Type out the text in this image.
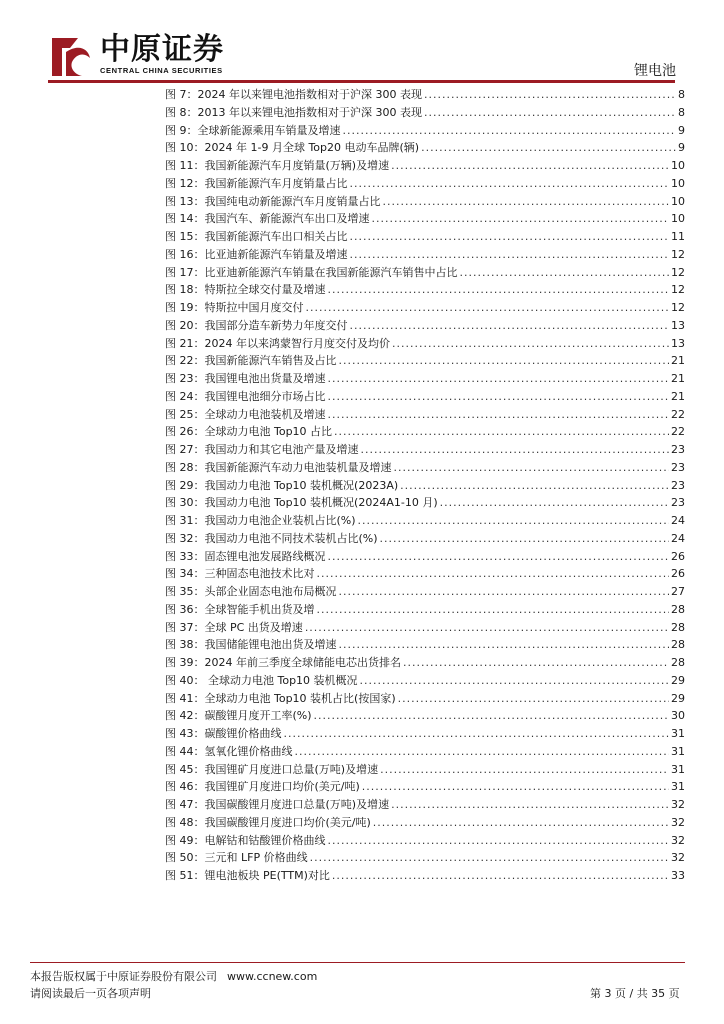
中原证券
CENTRAL CHINA SECURITIES	锂电池
图 7：2024 年以来锂电池指数相对于沪深 300 表现 .....	8
图 8：2013 年以来锂电池指数相对于沪深 300 表现 .....	8
图 9：全球新能源乘用车销量及增速 .....	9
图 10：2024 年 1-9 月全球 Top20 电动车品牌(辆) .....	9
图 11：我国新能源汽车月度销量(万辆)及增速 .....	10
图 12：我国新能源汽车月度销量占比 .....	10
图 13：我国纯电动新能源汽车月度销量占比 .....	10
图 14：我国汽车、新能源汽车出口及增速 .....	10
图 15：我国新能源汽车出口相关占比 .....	11
图 16：比亚迪新能源汽车销量及增速 .....	12
图 17：比亚迪新能源汽车销量在我国新能源汽车销售中占比 .....	12
图 18：特斯拉全球交付量及增速 .....	12
图 19：特斯拉中国月度交付 .....	12
图 20：我国部分造车新势力年度交付 .....	13
图 21：2024 年以来鸿蒙智行月度交付及均价 .....	13
图 22：我国新能源汽车销售及占比 .....	21
图 23：我国锂电池出货量及增速 .....	21
图 24：我国锂电池细分市场占比 .....	21
图 25：全球动力电池装机及增速 .....	22
图 26：全球动力电池 Top10 占比 .....	22
图 27：我国动力和其它电池产量及增速 .....	23
图 28：我国新能源汽车动力电池装机量及增速 .....	23
图 29：我国动力电池 Top10 装机概况(2023A) .....	23
图 30：我国动力电池 Top10 装机概况(2024A1-10 月) .....	23
图 31：我国动力电池企业装机占比(%) .....	24
图 32：我国动力电池不同技术装机占比(%) .....	24
图 33：固态锂电池发展路线概况 .....	26
图 34：三种固态电池技术比对 .....	26
图 35：头部企业固态电池布局概况 .....	27
图 36：全球智能手机出货及增 .....	28
图 37：全球 PC 出货及增速 .....	28
图 38：我国储能锂电池出货及增速 .....	28
图 39：2024 年前三季度全球储能电芯出货排名 .....	28
图 40： 全球动力电池 Top10 装机概况 .....	29
图 41：全球动力电池 Top10 装机占比(按国家) .....	29
图 42：碳酸锂月度开工率(%) .....	30
图 43：碳酸锂价格曲线 .....	31
图 44：氢氧化锂价格曲线 .....	31
图 45：我国锂矿月度进口总量(万吨)及增速 .....	31
图 46：我国锂矿月度进口均价(美元/吨) .....	31
图 47：我国碳酸锂月度进口总量(万吨)及增速 .....	32
图 48：我国碳酸锂月度进口均价(美元/吨) .....	32
图 49：电解钴和钴酸锂价格曲线 .....	32
图 50：三元和 LFP 价格曲线 .....	32
图 51：锂电池板块 PE(TTM)对比 .....	33
本报告版权属于中原证券股份有限公司 www.ccnew.com
请阅读最后一页各项声明	第 3 页 / 共 35 页
